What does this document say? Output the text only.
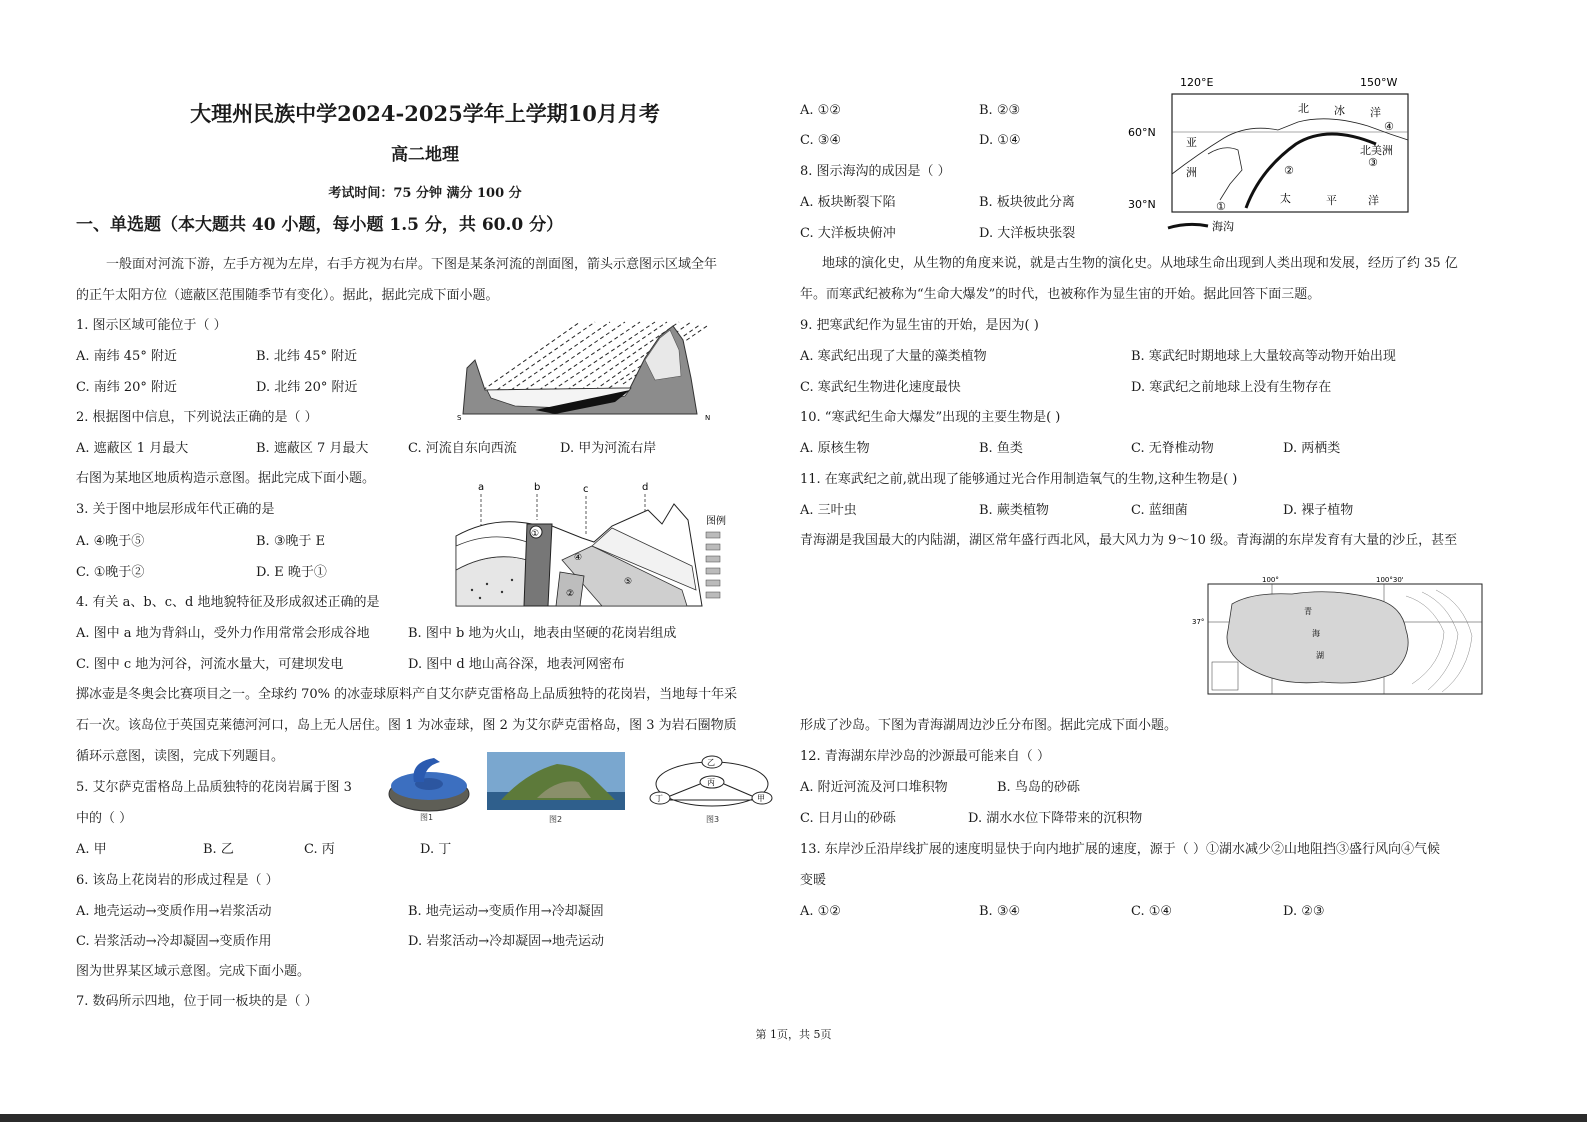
大理州民族中学2024-2025学年上学期10月月考
高二地理
考试时间：75 分钟 满分 100 分
一、单选题（本大题共 40 小题，每小题 1.5 分，共 60.0 分）
一般面对河流下游，左手方视为左岸，右手方视为右岸。下图是某条河流的剖面图，箭头示意图示区域全年
的正午太阳方位（遮蔽区范围随季节有变化）。据此，据此完成下面小题。
1. 图示区域可能位于（ ）
A. 南纬 45° 附近	B. 北纬 45° 附近
C. 南纬 20° 附近	D. 北纬 20° 附近
2. 根据图中信息，下列说法正确的是（ ）
A. 遮蔽区 1 月最大	B. 遮蔽区 7 月最大	C. 河流自东向西流	D. 甲为河流右岸
右图为某地区地质构造示意图。据此完成下面小题。
3. 关于图中地层形成年代正确的是
A. ④晚于⑤	B. ③晚于 E
C. ①晚于②	D. E 晚于①
4. 有关 a、b、c、d 地地貌特征及形成叙述正确的是
A. 图中 a 地为背斜山，受外力作用常常会形成谷地	B. 图中 b 地为火山，地表由坚硬的花岗岩组成
C. 图中 c 地为河谷，河流水量大，可建坝发电	D. 图中 d 地山高谷深，地表河网密布
掷冰壶是冬奥会比赛项目之一。全球约 70% 的冰壶球原料产自艾尔萨克雷格岛上品质独特的花岗岩，当地每十年采
石一次。该岛位于英国克莱德河河口，岛上无人居住。图 1 为冰壶球，图 2 为艾尔萨克雷格岛，图 3 为岩石圈物质
循环示意图，读图，完成下列题目。
5. 艾尔萨克雷格岛上品质独特的花岗岩属于图 3
中的（ ）
A. 甲	B. 乙	C. 丙	D. 丁
6. 该岛上花岗岩的形成过程是（ ）
A. 地壳运动→变质作用→岩浆活动	B. 地壳运动→变质作用→冷却凝固
C. 岩浆活动→冷却凝固→变质作用	D. 岩浆活动→冷却凝固→地壳运动
图为世界某区域示意图。完成下面小题。
7. 数码所示四地，位于同一板块的是（ ）
A. ①②	B. ②③
C. ③④	D. ①④
8. 图示海沟的成因是（ ）
A. 板块断裂下陷	B. 板块彼此分离
C. 大洋板块俯冲	D. 大洋板块张裂
地球的演化史，从生物的角度来说，就是古生物的演化史。从地球生命出现到人类出现和发展，经历了约 35 亿
年。而寒武纪被称为“生命大爆发”的时代，也被称作为显生宙的开始。据此回答下面三题。
9. 把寒武纪作为显生宙的开始，是因为( )
A. 寒武纪出现了大量的藻类植物	B. 寒武纪时期地球上大量较高等动物开始出现
C. 寒武纪生物进化速度最快	D. 寒武纪之前地球上没有生物存在
10. “寒武纪生命大爆发”出现的主要生物是( )
A. 原核生物	B. 鱼类	C. 无脊椎动物	D. 两栖类
11. 在寒武纪之前,就出现了能够通过光合作用制造氧气的生物,这种生物是( )
A. 三叶虫	B. 蕨类植物	C. 蓝细菌	D. 裸子植物
青海湖是我国最大的内陆湖，湖区常年盛行西北风，最大风力为 9～10 级。青海湖的东岸发育有大量的沙丘，甚至
形成了沙岛。下图为青海湖周边沙丘分布图。据此完成下面小题。
12. 青海湖东岸沙岛的沙源最可能来自（ ）
A. 附近河流及河口堆积物	B. 鸟岛的砂砾
C. 日月山的砂砾	D. 湖水水位下降带来的沉积物
13. 东岸沙丘沿岸线扩展的速度明显快于向内地扩展的速度，源于（ ）①湖水减少②山地阻挡③盛行风向④气候
变暖
A. ①②	B. ③④	C. ①④	D. ②③
S	N
a	b	c	d
①
②
④
⑤
图例
图1	图2
乙
丙
丁	甲
图3
120°E	150°W
60°N
30°N
北 冰 洋
亚
洲
太	平	洋
北美洲
①
②
③
④
海沟
100°	100°30'
37°
青
海
湖
第 1页，共 5页
